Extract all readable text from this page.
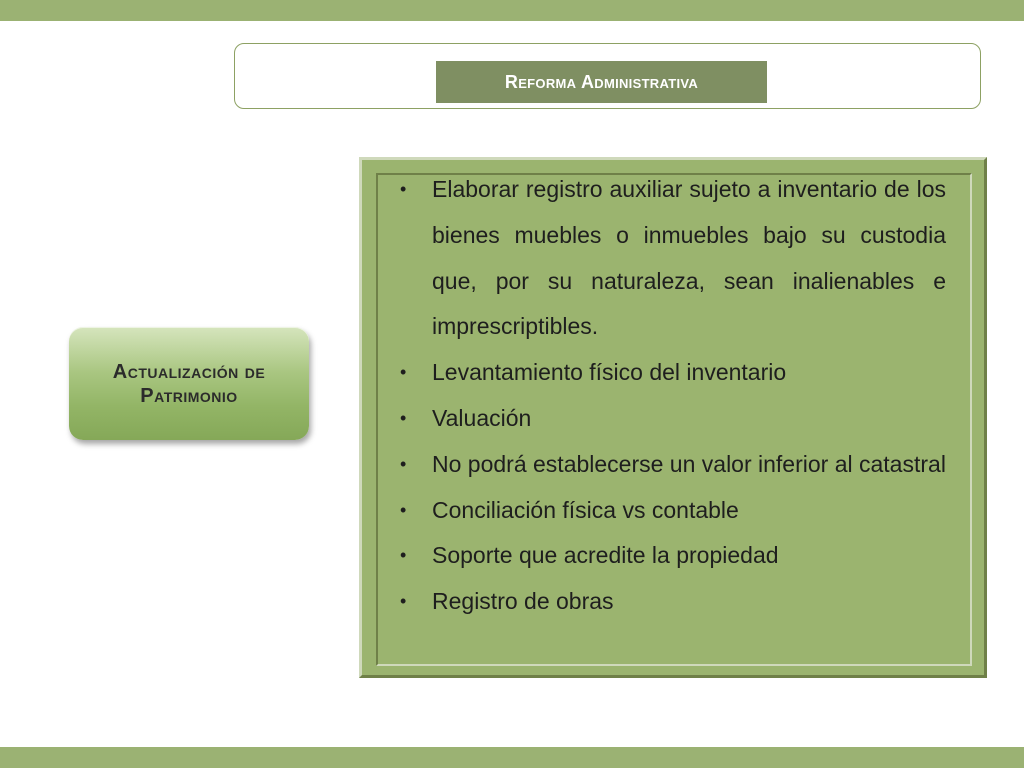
Reforma Administrativa
Actualización de
Patrimonio
• Elaborar registro auxiliar sujeto a inventario de los bienes muebles o inmuebles bajo su custodia que, por su naturaleza, sean inalienables e imprescriptibles.
• Levantamiento físico del inventario
• Valuación
• No podrá establecerse un valor inferior al catastral
• Conciliación física vs contable
• Soporte que acredite la propiedad
• Registro de obras
